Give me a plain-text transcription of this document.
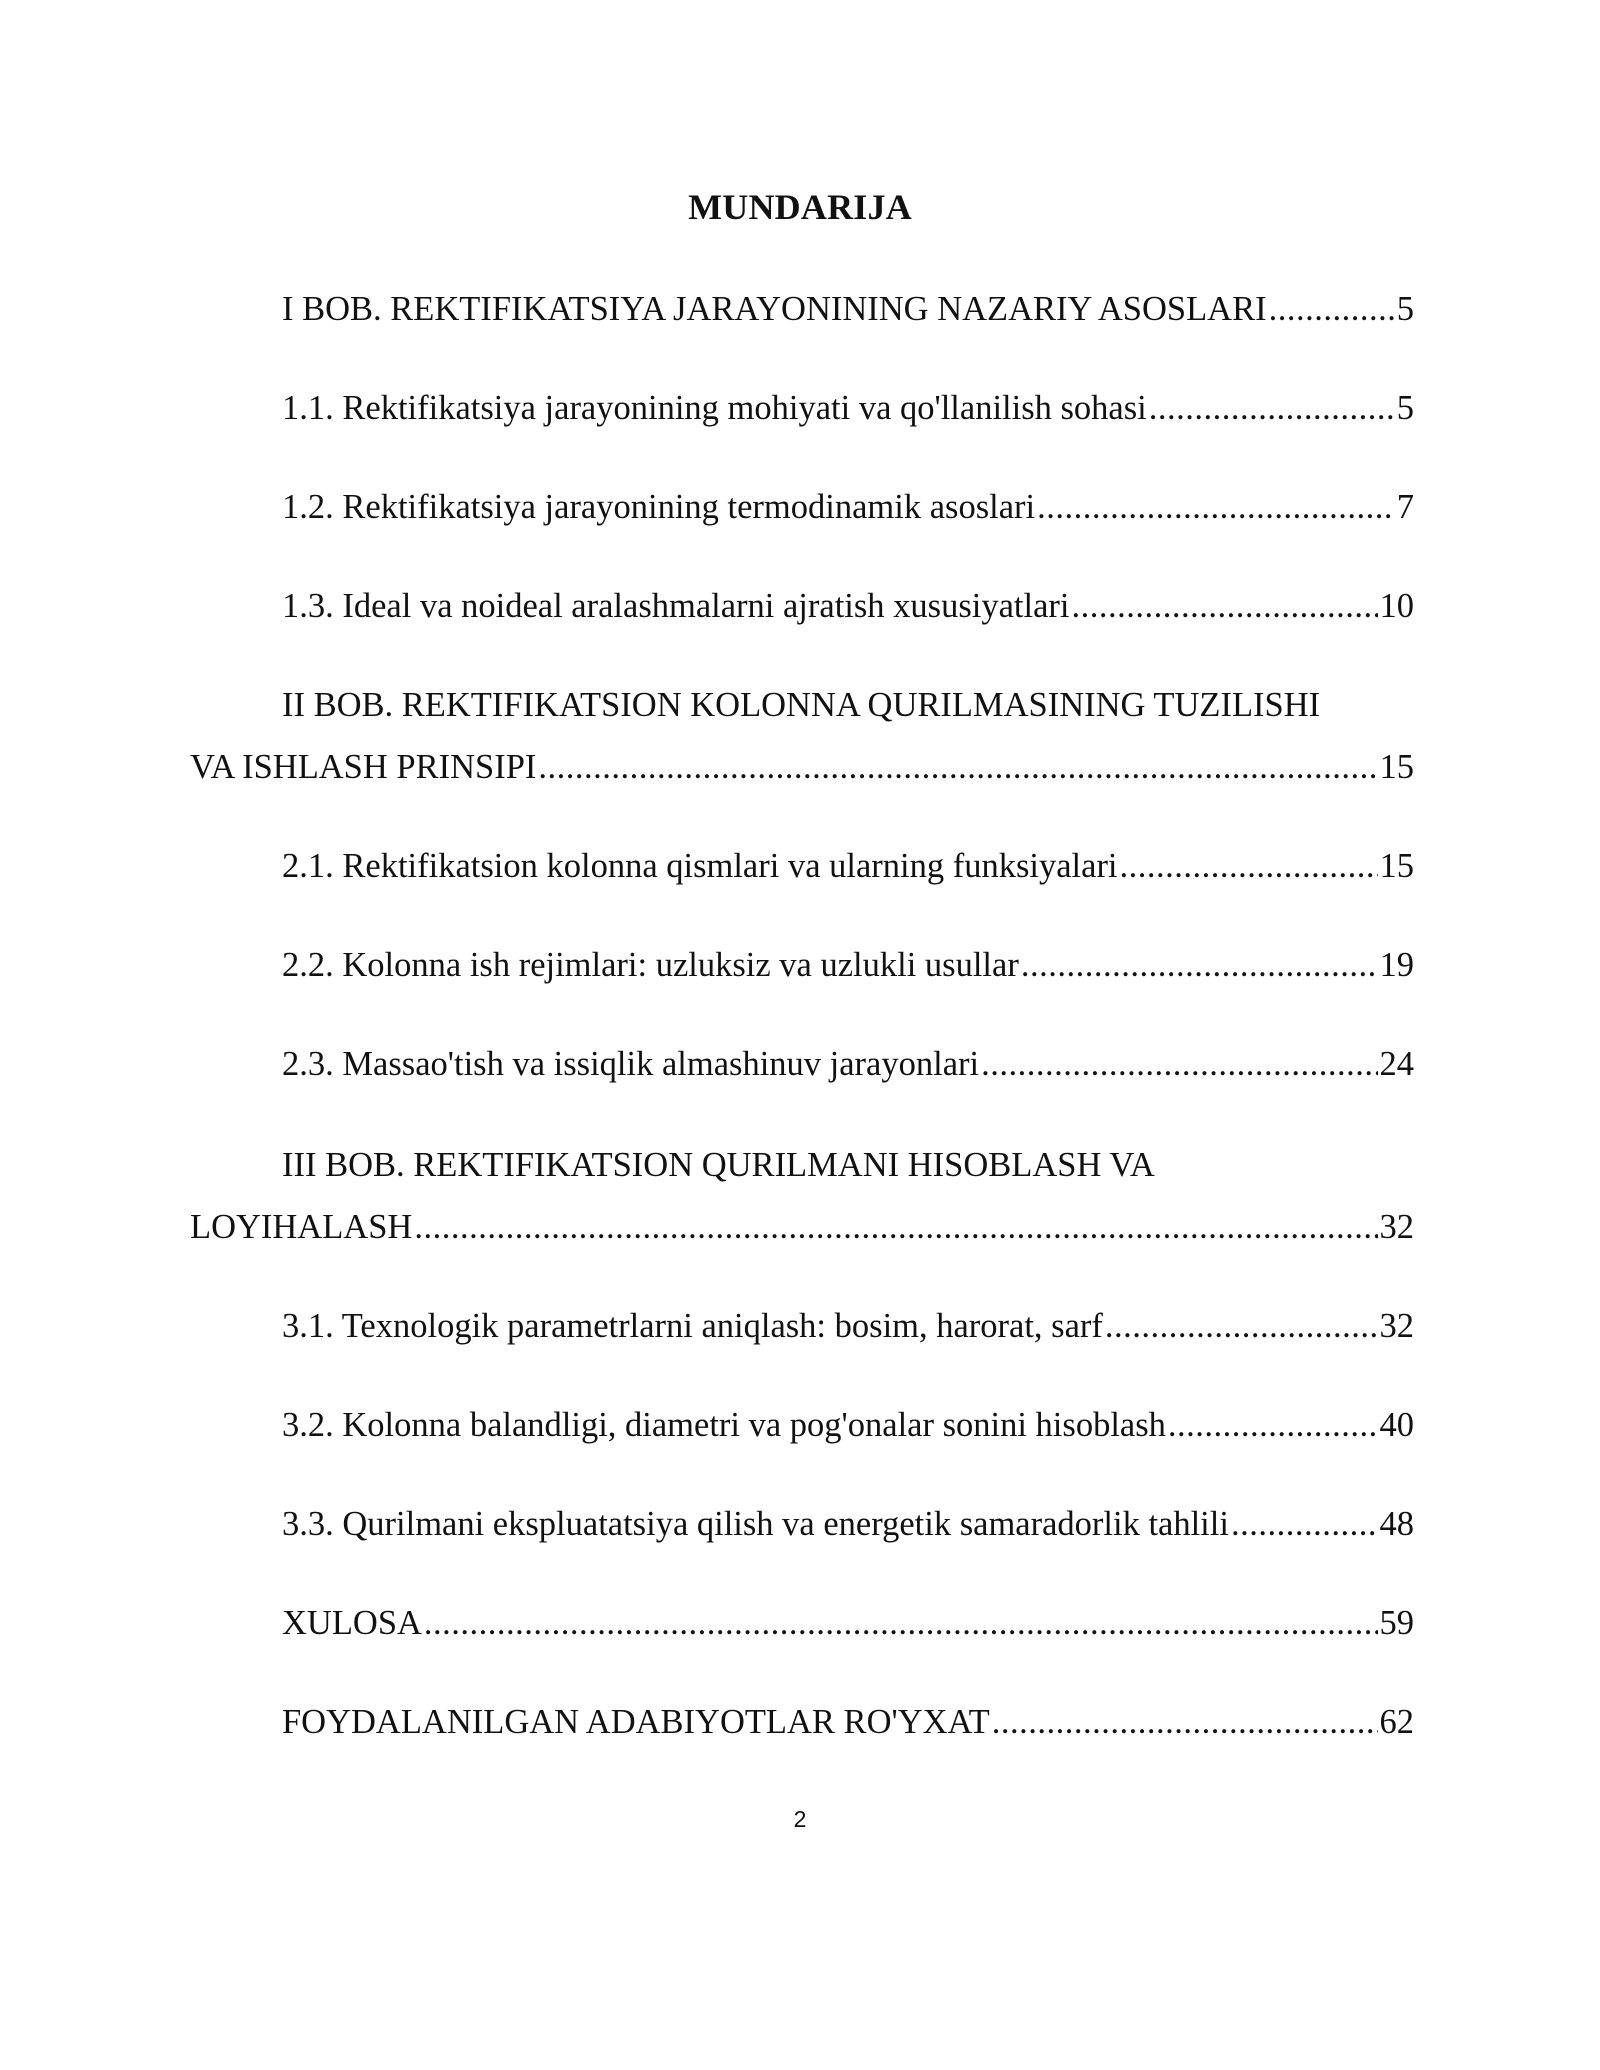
MUNDARIJA
I BOB. REKTIFIKATSIYA JARAYONINING NAZARIY ASOSLARI .....	5
1.1. Rektifikatsiya jarayonining mohiyati va qo'llanilish sohasi .....	5
1.2. Rektifikatsiya jarayonining termodinamik asoslari .....	7
1.3. Ideal va noideal aralashmalarni ajratish xususiyatlari .....	10
II BOB. REKTIFIKATSION KOLONNA QURILMASINING TUZILISHI
VA ISHLASH PRINSIPI .....	15
2.1. Rektifikatsion kolonna qismlari va ularning funksiyalari .....	15
2.2. Kolonna ish rejimlari: uzluksiz va uzlukli usullar .....	19
2.3. Massao'tish va issiqlik almashinuv jarayonlari .....	24
III BOB. REKTIFIKATSION QURILMANI HISOBLASH VA
LOYIHALASH .....	32
3.1. Texnologik parametrlarni aniqlash: bosim, harorat, sarf .....	32
3.2. Kolonna balandligi, diametri va pog'onalar sonini hisoblash .....	40
3.3. Qurilmani ekspluatatsiya qilish va energetik samaradorlik tahlili .....	48
XULOSA .....	59
FOYDALANILGAN ADABIYOTLAR RO'YXAT .....	62
2
